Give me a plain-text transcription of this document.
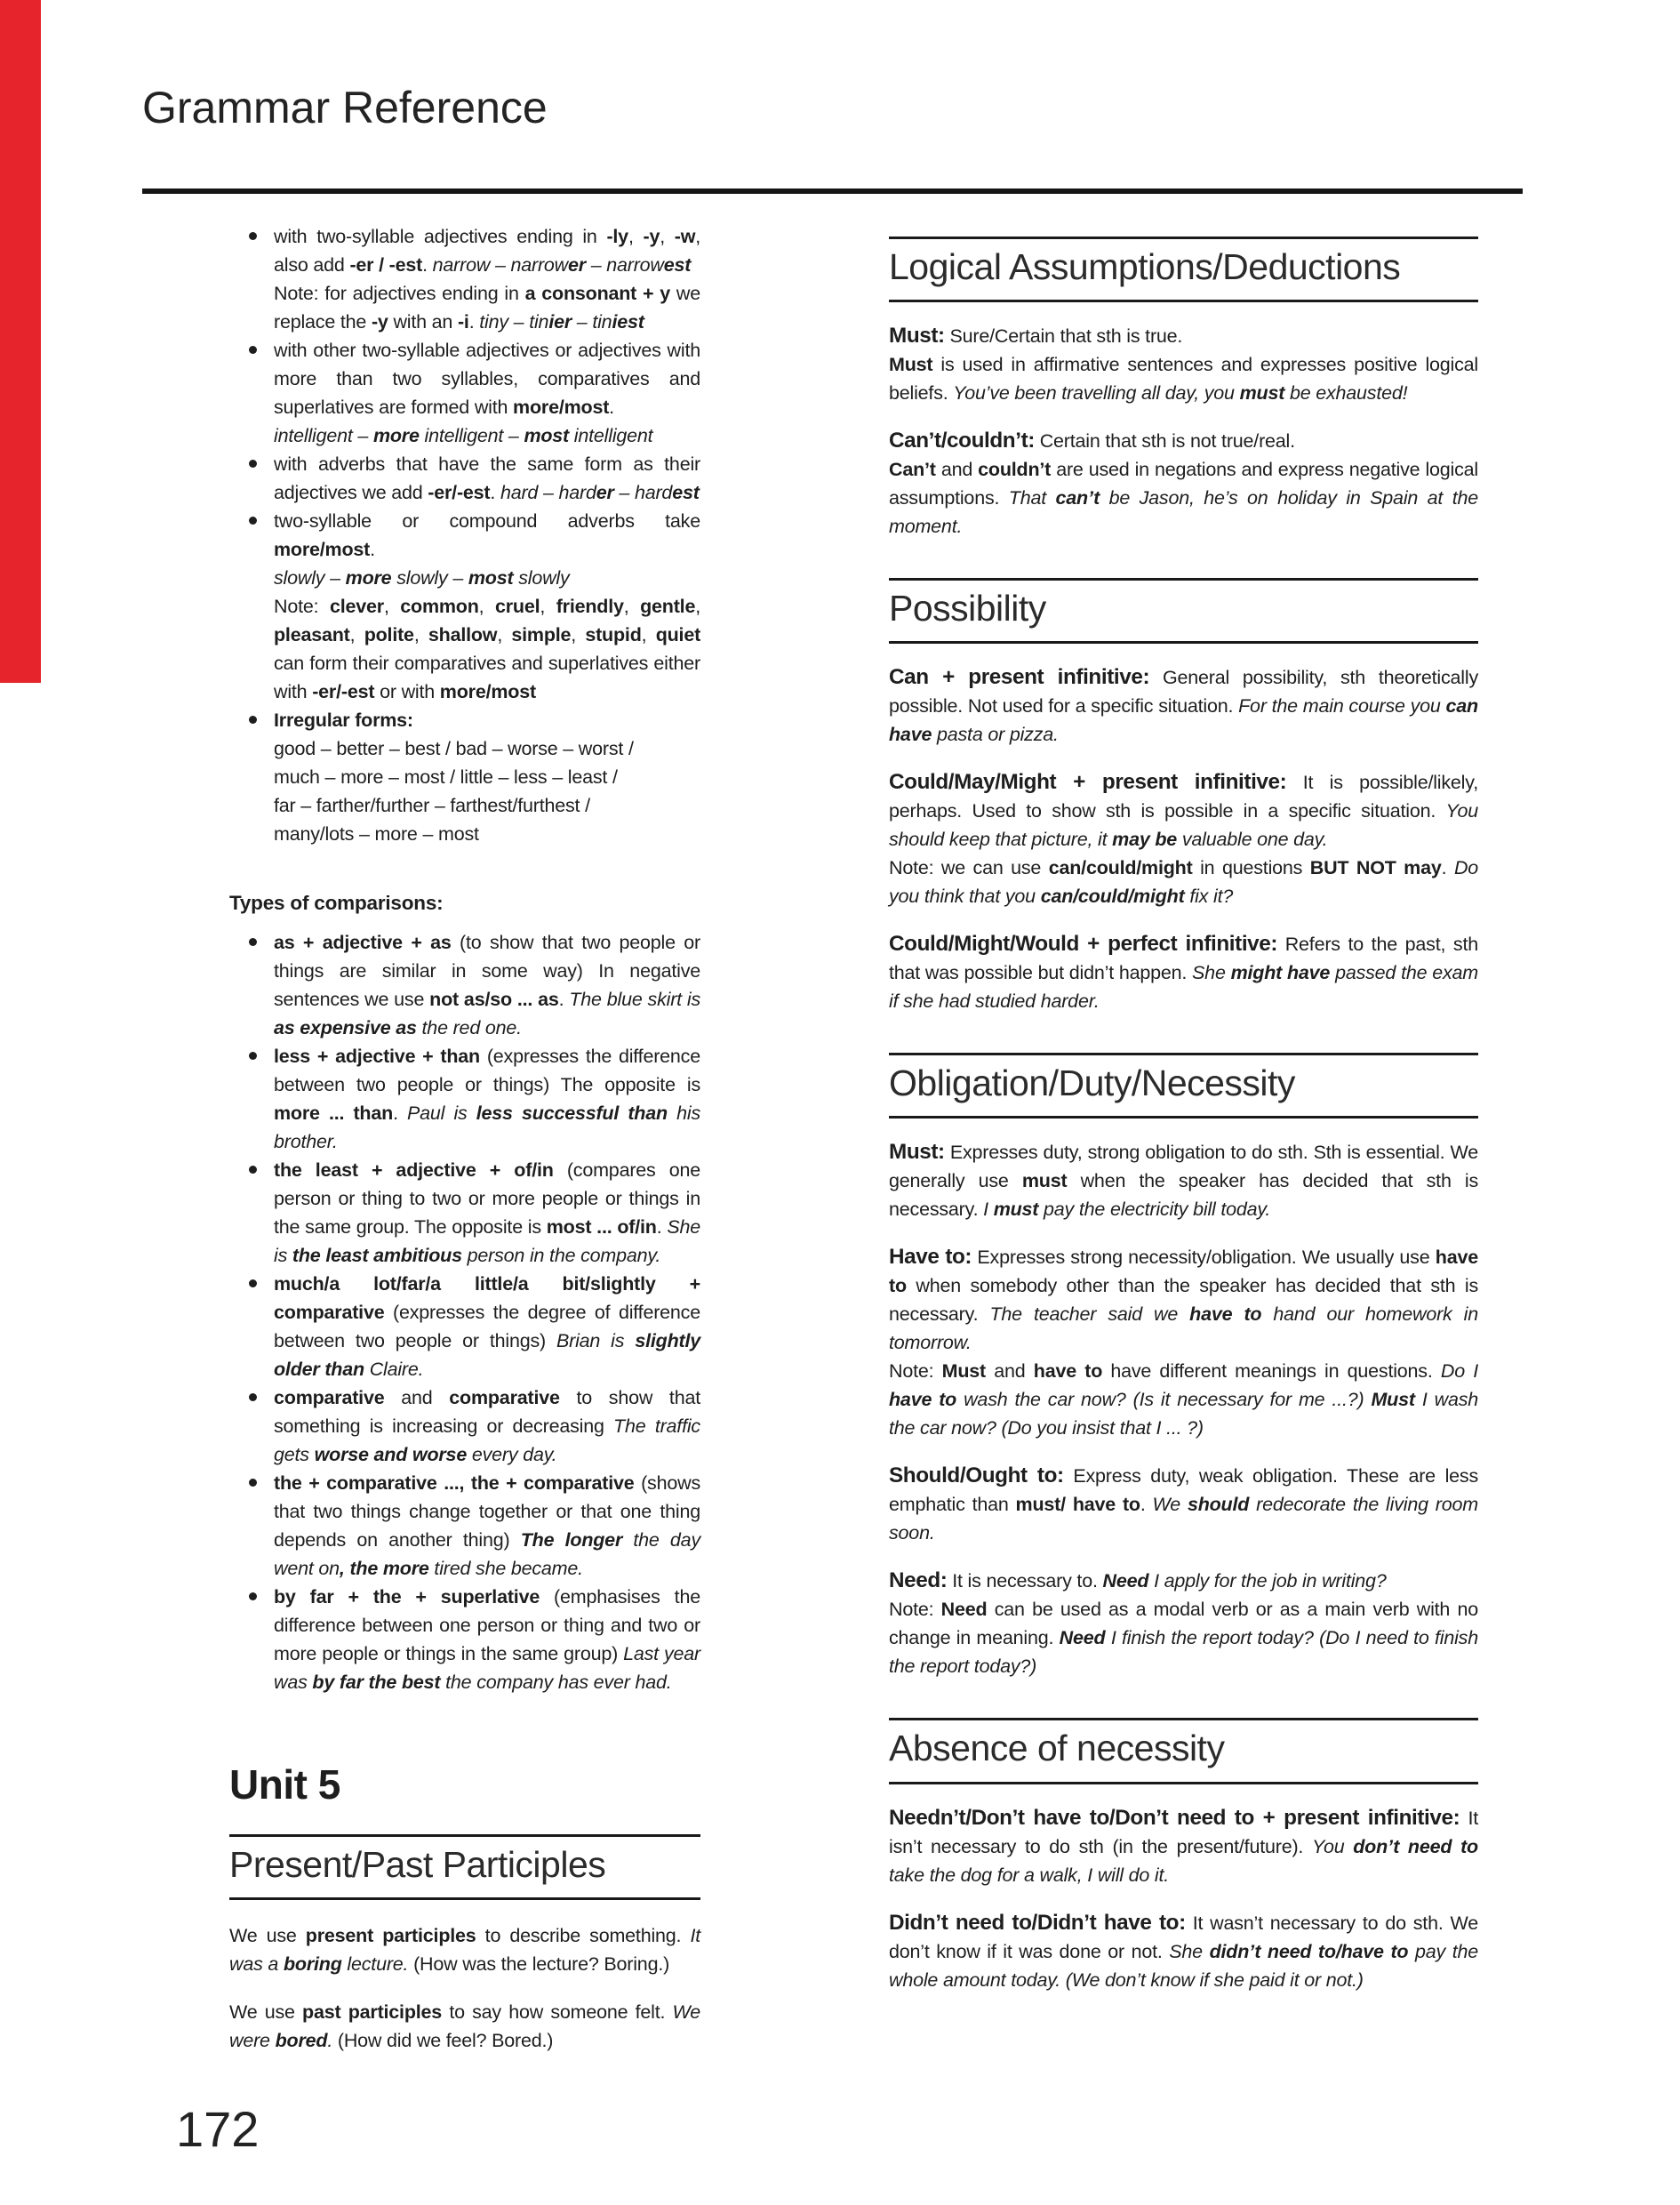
Grammar Reference
with two-syllable adjectives ending in -ly, -y, -w, also add -er / -est. narrow – narrower – narrowest
Note: for adjectives ending in a consonant + y we replace the -y with an -i. tiny – tinier – tiniest
with other two-syllable adjectives or adjectives with more than two syllables, comparatives and superlatives are formed with more/most.
intelligent – more intelligent – most intelligent
with adverbs that have the same form as their adjectives we add -er/-est. hard – harder – hardest
two-syllable or compound adverbs take more/most.
slowly – more slowly – most slowly
Note: clever, common, cruel, friendly, gentle, pleasant, polite, shallow, simple, stupid, quiet can form their comparatives and superlatives either with -er/-est or with more/most
Irregular forms:
good – better – best / bad – worse – worst /
much – more – most / little – less – least /
far – farther/further – farthest/furthest /
many/lots – more – most
Types of comparisons:
as + adjective + as (to show that two people or things are similar in some way) In negative sentences we use not as/so ... as. The blue skirt is as expensive as the red one.
less + adjective + than (expresses the difference between two people or things) The opposite is more ... than. Paul is less successful than his brother.
the least + adjective + of/in (compares one person or thing to two or more people or things in the same group. The opposite is most ... of/in. She is the least ambitious person in the company.
much/a lot/far/a little/a bit/slightly + comparative (expresses the degree of difference between two people or things) Brian is slightly older than Claire.
comparative and comparative to show that something is increasing or decreasing The traffic gets worse and worse every day.
the + comparative ..., the + comparative (shows that two things change together or that one thing depends on another thing) The longer the day went on, the more tired she became.
by far + the + superlative (emphasises the difference between one person or thing and two or more people or things in the same group) Last year was by far the best the company has ever had.
Unit 5
Present/Past Participles
We use present participles to describe something. It was a boring lecture. (How was the lecture? Boring.)
We use past participles to say how someone felt. We were bored. (How did we feel? Bored.)
Logical Assumptions/Deductions
Must: Sure/Certain that sth is true.
Must is used in affirmative sentences and expresses positive logical beliefs. You’ve been travelling all day, you must be exhausted!
Can’t/couldn’t: Certain that sth is not true/real.
Can’t and couldn’t are used in negations and express negative logical assumptions. That can’t be Jason, he’s on holiday in Spain at the moment.
Possibility
Can + present infinitive: General possibility, sth theoretically possible. Not used for a specific situation. For the main course you can have pasta or pizza.
Could/May/Might + present infinitive: It is possible/likely, perhaps. Used to show sth is possible in a specific situation. You should keep that picture, it may be valuable one day.
Note: we can use can/could/might in questions BUT NOT may. Do you think that you can/could/might fix it?
Could/Might/Would + perfect infinitive: Refers to the past, sth that was possible but didn’t happen. She might have passed the exam if she had studied harder.
Obligation/Duty/Necessity
Must: Expresses duty, strong obligation to do sth. Sth is essential. We generally use must when the speaker has decided that sth is necessary. I must pay the electricity bill today.
Have to: Expresses strong necessity/obligation. We usually use have to when somebody other than the speaker has decided that sth is necessary. The teacher said we have to hand our homework in tomorrow.
Note: Must and have to have different meanings in questions. Do I have to wash the car now? (Is it necessary for me ...?) Must I wash the car now? (Do you insist that I ... ?)
Should/Ought to: Express duty, weak obligation. These are less emphatic than must/ have to. We should redecorate the living room soon.
Need: It is necessary to. Need I apply for the job in writing?
Note: Need can be used as a modal verb or as a main verb with no change in meaning. Need I finish the report today? (Do I need to finish the report today?)
Absence of necessity
Needn’t/Don’t have to/Don’t need to + present infinitive: It isn’t necessary to do sth (in the present/future). You don’t need to take the dog for a walk, I will do it.
Didn’t need to/Didn’t have to: It wasn’t necessary to do sth. We don’t know if it was done or not. She didn’t need to/have to pay the whole amount today. (We don’t know if she paid it or not.)
172
